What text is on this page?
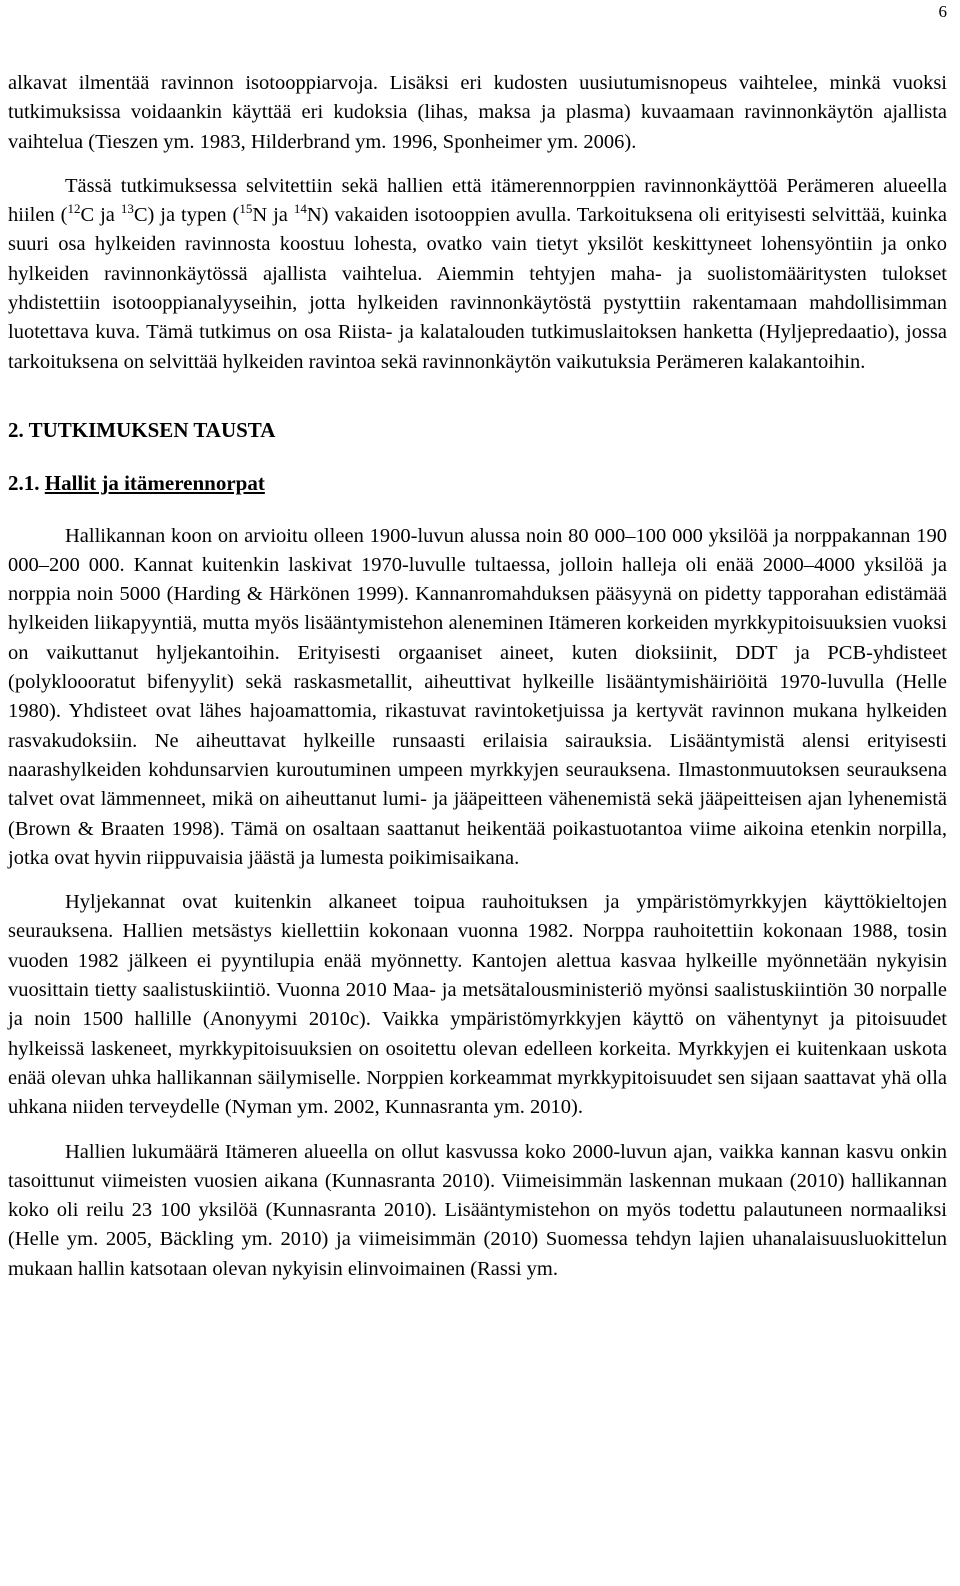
6

alkavat ilmentää ravinnon isotooppiarvoja. Lisäksi eri kudosten uusiutumisnopeus vaihtelee, minkä vuoksi tutkimuksissa voidaankin käyttää eri kudoksia (lihas, maksa ja plasma) kuvaamaan ravinnonkäytön ajallista vaihtelua (Tieszen ym. 1983, Hilderbrand ym. 1996, Sponheimer ym. 2006).

Tässä tutkimuksessa selvitettiin sekä hallien että itämerennorppien ravinnonkäyttöä Perämeren alueella hiilen ($^{12}$C ja $^{13}$C) ja typen ($^{15}$N ja $^{14}$N) vakaiden isotooppien avulla. Tarkoituksena oli erityisesti selvittää, kuinka suuri osa hylkeiden ravinnosta koostuu lohesta, ovatko vain tietyt yksilöt keskittyneet lohensyöntiin ja onko hylkeiden ravinnonkäytössä ajallista vaihtelua. Aiemmin tehtyjen maha- ja suolistomääritysten tulokset yhdistettiin isotooppianalyyseihin, jotta hylkeiden ravinnonkäytöstä pystyttiin rakentamaan mahdollisimman luotettava kuva. Tämä tutkimus on osa Riista- ja kalatalouden tutkimuslaitoksen hanketta (Hyljepredaatio), jossa tarkoituksena on selvittää hylkeiden ravintoa sekä ravinnonkäytön vaikutuksia Perämeren kalakantoihin.

2. TUTKIMUKSEN TAUSTA
2.1. Hallit ja itämerennorpat

Hallikannan koon on arvioitu olleen 1900-luvun alussa noin 80 000–100 000 yksilöä ja norppakannan 190 000–200 000. Kannat kuitenkin laskivat 1970-luvulle tultaessa, jolloin halleja oli enää 2000–4000 yksilöä ja norppia noin 5000 (Harding & Härkönen 1999). Kannanromahduksen pääsyynä on pidetty tapporahan edistämää hylkeiden liikapyyntiä, mutta myös lisääntymistehon aleneminen Itämeren korkeiden myrkkypitoisuuksien vuoksi on vaikuttanut hyljekantoihin. Erityisesti orgaaniset aineet, kuten dioksiinit, DDT ja PCB-yhdisteet (polykloooratut bifenyylit) sekä raskasmetallit, aiheuttivat hylkeille lisääntymishäiriöitä 1970-luvulla (Helle 1980). Yhdisteet ovat lähes hajoamattomia, rikastuvat ravintoketjuissa ja kertyvät ravinnon mukana hylkeiden rasvakudoksiin. Ne aiheuttavat hylkeille runsaasti erilaisia sairauksia. Lisääntymistä alensi erityisesti naarashylkeiden kohdunsarvien kuroutuminen umpeen myrkkyjen seurauksena. Ilmastonmuutoksen seurauksena talvet ovat lämmenneet, mikä on aiheuttanut lumi- ja jääpeitteen vähenemistä sekä jääpeitteisen ajan lyhenemistä (Brown & Braaten 1998). Tämä on osaltaan saattanut heikentää poikastuotantoa viime aikoina etenkin norpilla, jotka ovat hyvin riippuvaisia jäästä ja lumesta poikimisaikana.

Hyljekannat ovat kuitenkin alkaneet toipua rauhoituksen ja ympäristömyrkkyjen käyttökieltojen seurauksena. Hallien metsästys kiellettiin kokonaan vuonna 1982. Norppa rauhoitettiin kokonaan 1988, tosin vuoden 1982 jälkeen ei pyyntilupia enää myönnetty. Kantojen alettua kasvaa hylkeille myönnetään nykyisin vuosittain tietty saalistuskiintiö. Vuonna 2010 Maa- ja metsätalousministeriö myönsi saalistuskiintiön 30 norpalle ja noin 1500 hallille (Anonyymi 2010c). Vaikka ympäristömyrkkyjen käyttö on vähentynyt ja pitoisuudet hylkeissä laskeneet, myrkkypitoisuuksien on osoitettu olevan edelleen korkeita. Myrkkyjen ei kuitenkaan uskota enää olevan uhka hallikannan säilymiselle. Norppien korkeammat myrkkypitoisuudet sen sijaan saattavat yhä olla uhkana niiden terveydelle (Nyman ym. 2002, Kunnasranta ym. 2010).

Hallien lukumäärä Itämeren alueella on ollut kasvussa koko 2000-luvun ajan, vaikka kannan kasvu onkin tasoittunut viimeisten vuosien aikana (Kunnasranta 2010). Viimeisimmän laskennan mukaan (2010) hallikannan koko oli reilu 23 100 yksilöä (Kunnasranta 2010). Lisääntymistehon on myös todettu palautuneen normaaliksi (Helle ym. 2005, Bäckling ym. 2010) ja viimeisimmän (2010) Suomessa tehdyn lajien uhanalaisuusluokittelun mukaan hallin katsotaan olevan nykyisin elinvoimainen (Rassi ym.
